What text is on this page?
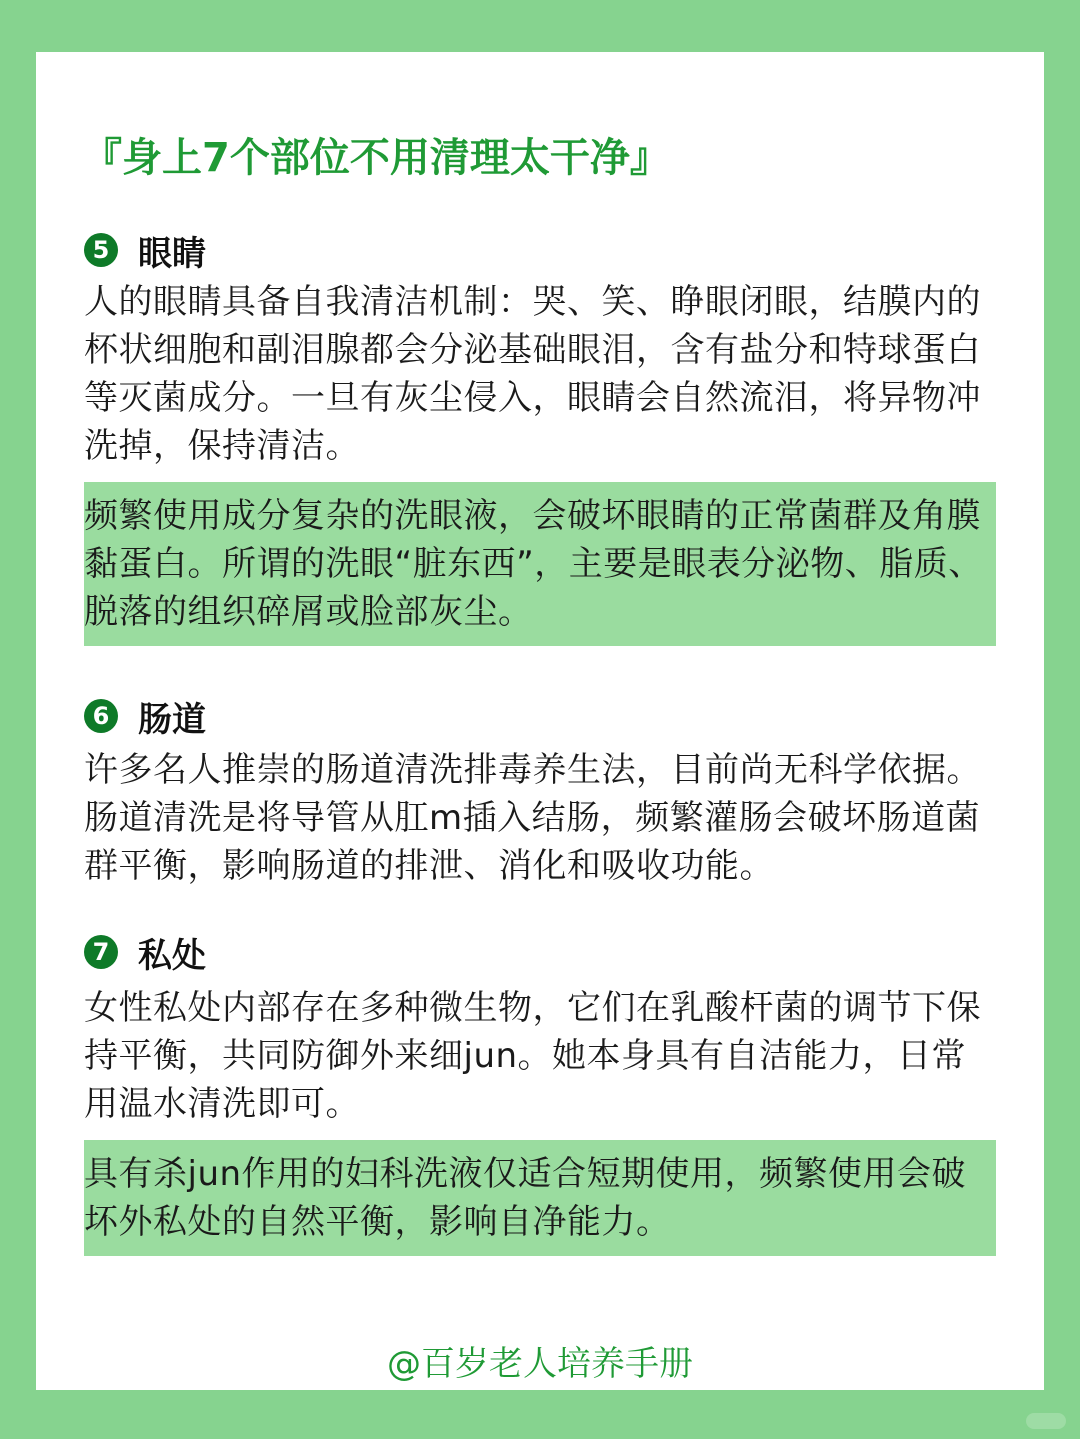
『身上7个部位不用清理太干净』
5 眼睛

人的眼睛具备自我清洁机制：哭、笑、睁眼闭眼，结膜内的杯状细胞和副泪腺都会分泌基础眼泪，含有盐分和特球蛋白等灭菌成分。一旦有灰尘侵入，眼睛会自然流泪，将异物冲洗掉，保持清洁。

频繁使用成分复杂的洗眼液，会破坏眼睛的正常菌群及角膜黏蛋白。所谓的洗眼“脏东西”，主要是眼表分泌物、脂质、脱落的组织碎屑或脸部灰尘。
6 肠道

许多名人推崇的肠道清洗排毒养生法，目前尚无科学依据。肠道清洗是将导管从肛m插入结肠，频繁灌肠会破坏肠道菌群平衡，影响肠道的排泄、消化和吸收功能。

7 私处

女性私处内部存在多种微生物，它们在乳酸杆菌的调节下保持平衡，共同防御外来细jun。她本身具有自洁能力，日常用温水清洗即可。

具有杀jun作用的妇科洗液仅适合短期使用，频繁使用会破坏外私处的自然平衡，影响自净能力。
@百岁老人培养手册
